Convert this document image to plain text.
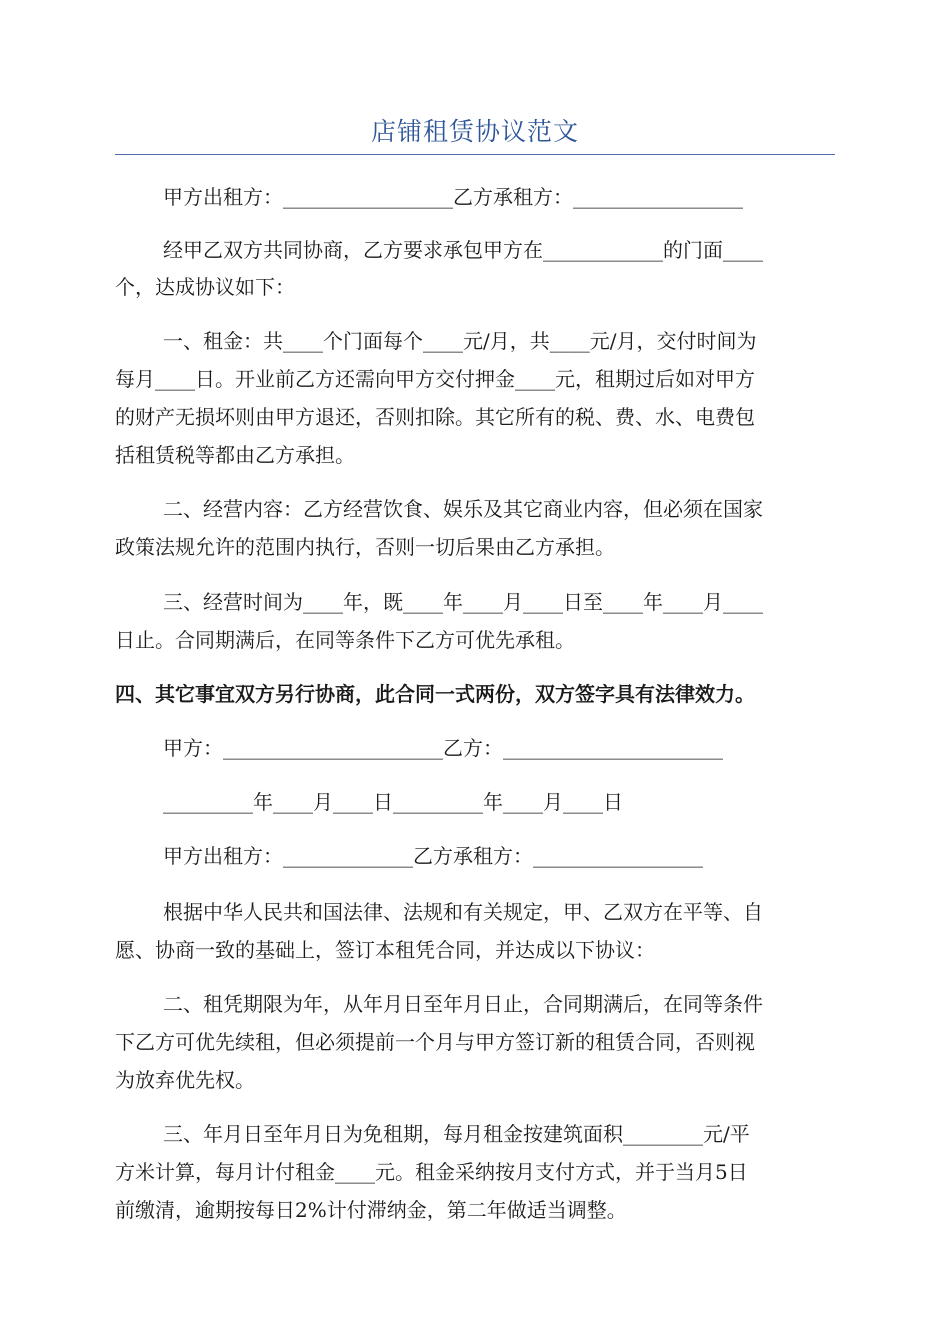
店铺租赁协议范文
甲方出租方：_________________乙方承租方：_________________
经甲乙双方共同协商，乙方要求承包甲方在____________的门面____
个，达成协议如下：
一、租金：共____个门面每个____元/月，共____元/月，交付时间为
每月____日。开业前乙方还需向甲方交付押金____元，租期过后如对甲方
的财产无损坏则由甲方退还，否则扣除。其它所有的税、费、水、电费包
括租赁税等都由乙方承担。
二、经营内容：乙方经营饮食、娱乐及其它商业内容，但必须在国家
政策法规允许的范围内执行，否则一切后果由乙方承担。
三、经营时间为____年，既____年____月____日至____年____月____
日止。合同期满后，在同等条件下乙方可优先承租。
四、其它事宜双方另行协商，此合同一式两份，双方签字具有法律效力。
甲方：______________________乙方：______________________
_________年____月____日_________年____月____日
甲方出租方：_____________乙方承租方：_________________
根据中华人民共和国法律、法规和有关规定，甲、乙双方在平等、自
愿、协商一致的基础上，签订本租凭合同，并达成以下协议：
二、租凭期限为年，从年月日至年月日止，合同期满后，在同等条件
下乙方可优先续租，但必须提前一个月与甲方签订新的租赁合同，否则视
为放弃优先权。
三、年月日至年月日为免租期，每月租金按建筑面积________元/平
方米计算，每月计付租金____元。租金采纳按月支付方式，并于当月5日
前缴清，逾期按每日2%计付滞纳金，第二年做适当调整。
